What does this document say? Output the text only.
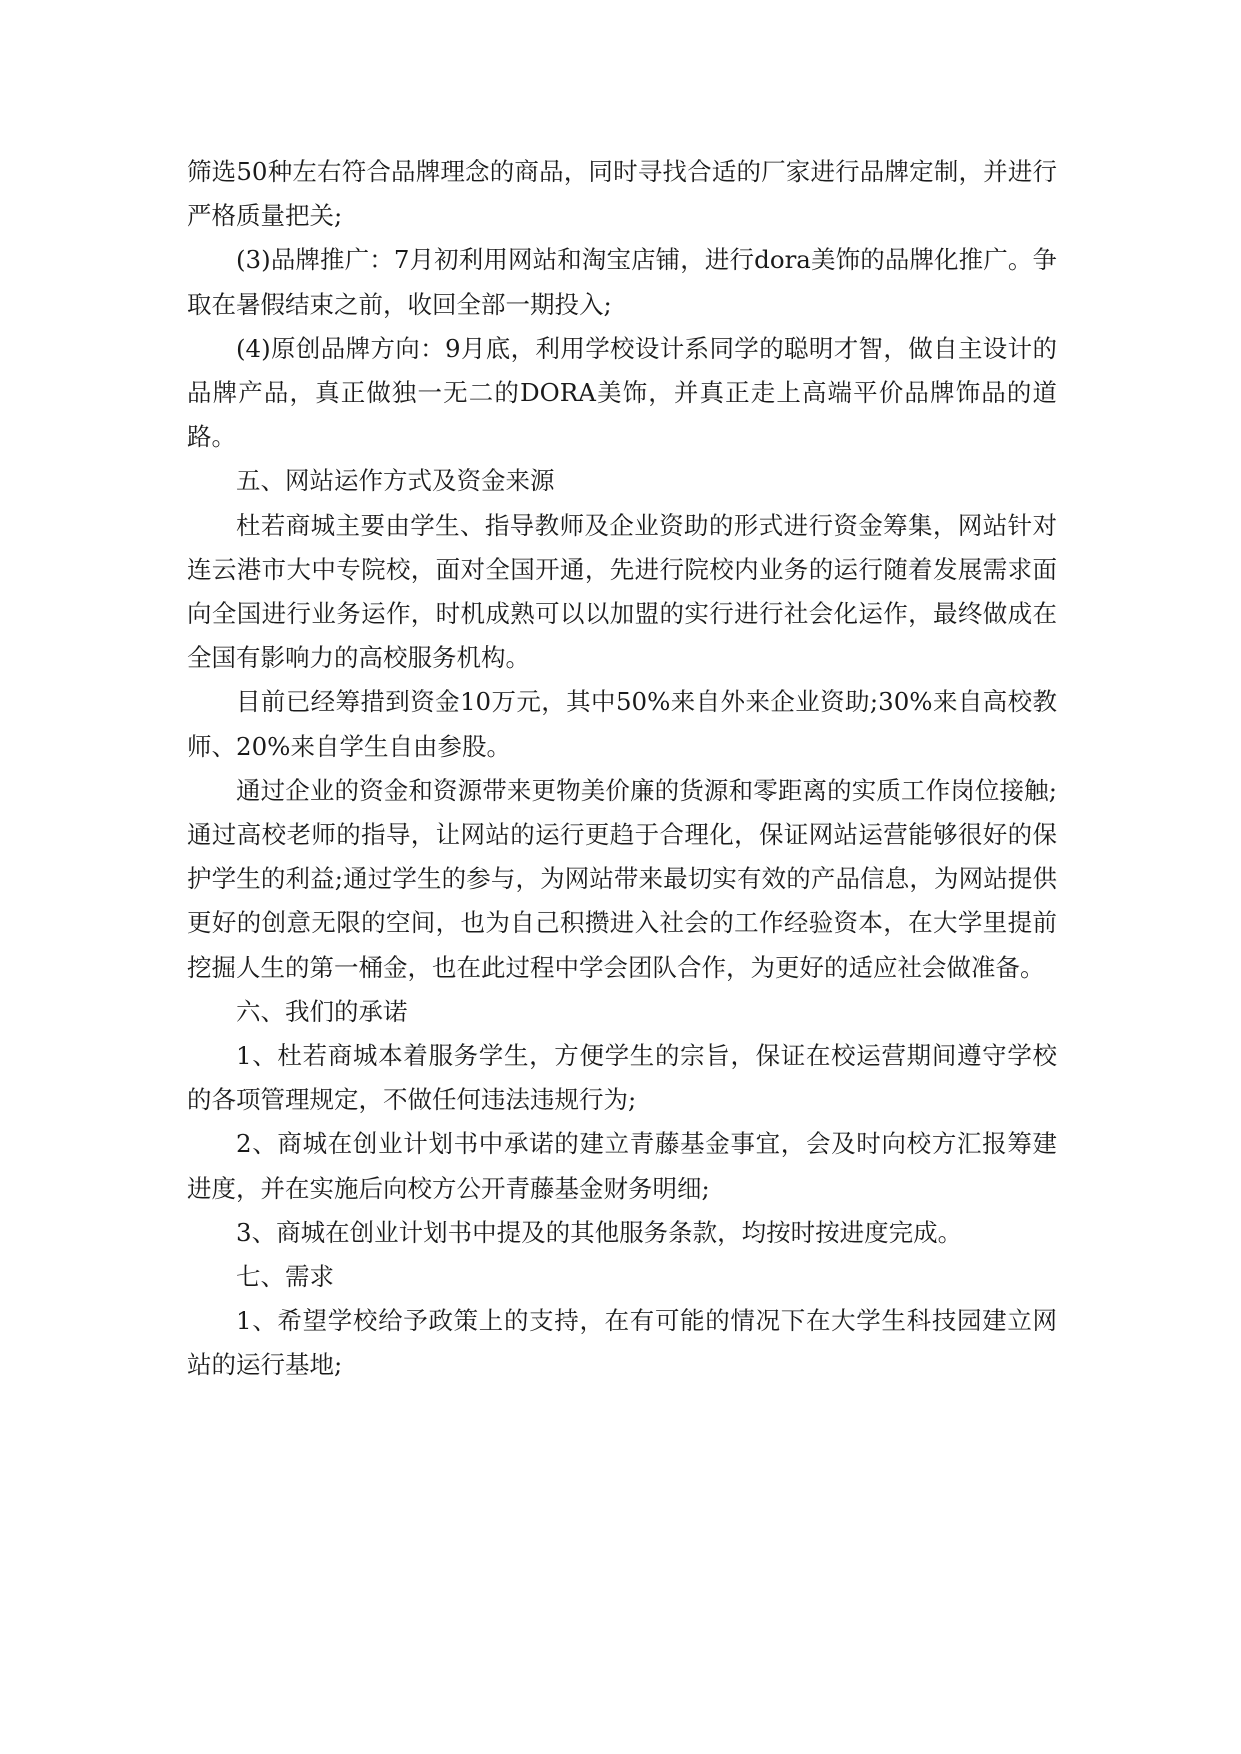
筛选50种左右符合品牌理念的商品，同时寻找合适的厂家进行品牌定制，并进行严格质量把关;

(3)品牌推广：7月初利用网站和淘宝店铺，进行dora美饰的品牌化推广。争取在暑假结束之前，收回全部一期投入;

(4)原创品牌方向：9月底，利用学校设计系同学的聪明才智，做自主设计的品牌产品，真正做独一无二的DORA美饰，并真正走上高端平价品牌饰品的道路。

五、网站运作方式及资金来源

杜若商城主要由学生、指导教师及企业资助的形式进行资金筹集，网站针对连云港市大中专院校，面对全国开通，先进行院校内业务的运行随着发展需求面向全国进行业务运作，时机成熟可以以加盟的实行进行社会化运作，最终做成在全国有影响力的高校服务机构。

目前已经筹措到资金10万元，其中50%来自外来企业资助;30%来自高校教师、20%来自学生自由参股。

通过企业的资金和资源带来更物美价廉的货源和零距离的实质工作岗位接触;通过高校老师的指导，让网站的运行更趋于合理化，保证网站运营能够很好的保护学生的利益;通过学生的参与，为网站带来最切实有效的产品信息，为网站提供更好的创意无限的空间，也为自己积攒进入社会的工作经验资本，在大学里提前挖掘人生的第一桶金，也在此过程中学会团队合作，为更好的适应社会做准备。

六、我们的承诺

1、杜若商城本着服务学生，方便学生的宗旨，保证在校运营期间遵守学校的各项管理规定，不做任何违法违规行为;

2、商城在创业计划书中承诺的建立青藤基金事宜，会及时向校方汇报筹建进度，并在实施后向校方公开青藤基金财务明细;

3、商城在创业计划书中提及的其他服务条款，均按时按进度完成。

七、需求

1、希望学校给予政策上的支持，在有可能的情况下在大学生科技园建立网站的运行基地;
